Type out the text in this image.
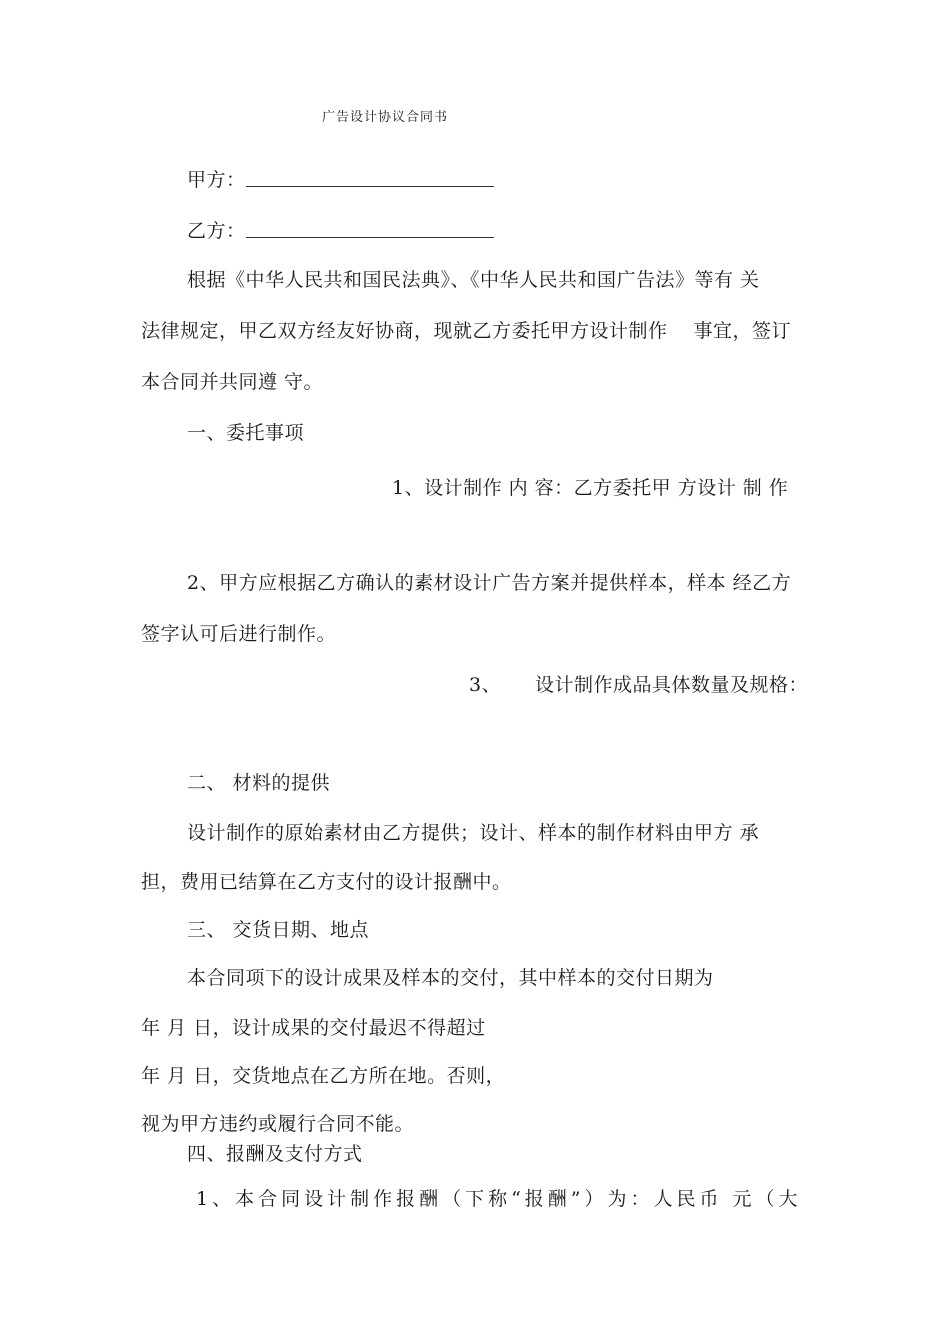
广告设计协议合同书
甲方：
乙方：
根据《中华人民共和国民法典》、《中华人民共和国广告法》等有 关
法律规定，甲乙双方经友好协商，现就乙方委托甲方设计制作　 事宜，签订
本合同并共同遵 守。
一、委托事项
1、设计制作 内 容：乙方委托甲 方设计 制 作
2、甲方应根据乙方确认的素材设计广告方案并提供样本，样本 经乙方
签字认可后进行制作。
3、 设计制作成品具体数量及规格：
二、 材料的提供
设计制作的原始素材由乙方提供；设计、样本的制作材料由甲方 承
担，费用已结算在乙方支付的设计报酬中。
三、 交货日期、地点
本合同项下的设计成果及样本的交付，其中样本的交付日期为
年 月 日，设计成果的交付最迟不得超过
年 月 日，交货地点在乙方所在地。否则，
视为甲方违约或履行合同不能。
四、报酬及支付方式
1、本合同设计制作报酬（下称“报酬”）为：人民币 元（大
